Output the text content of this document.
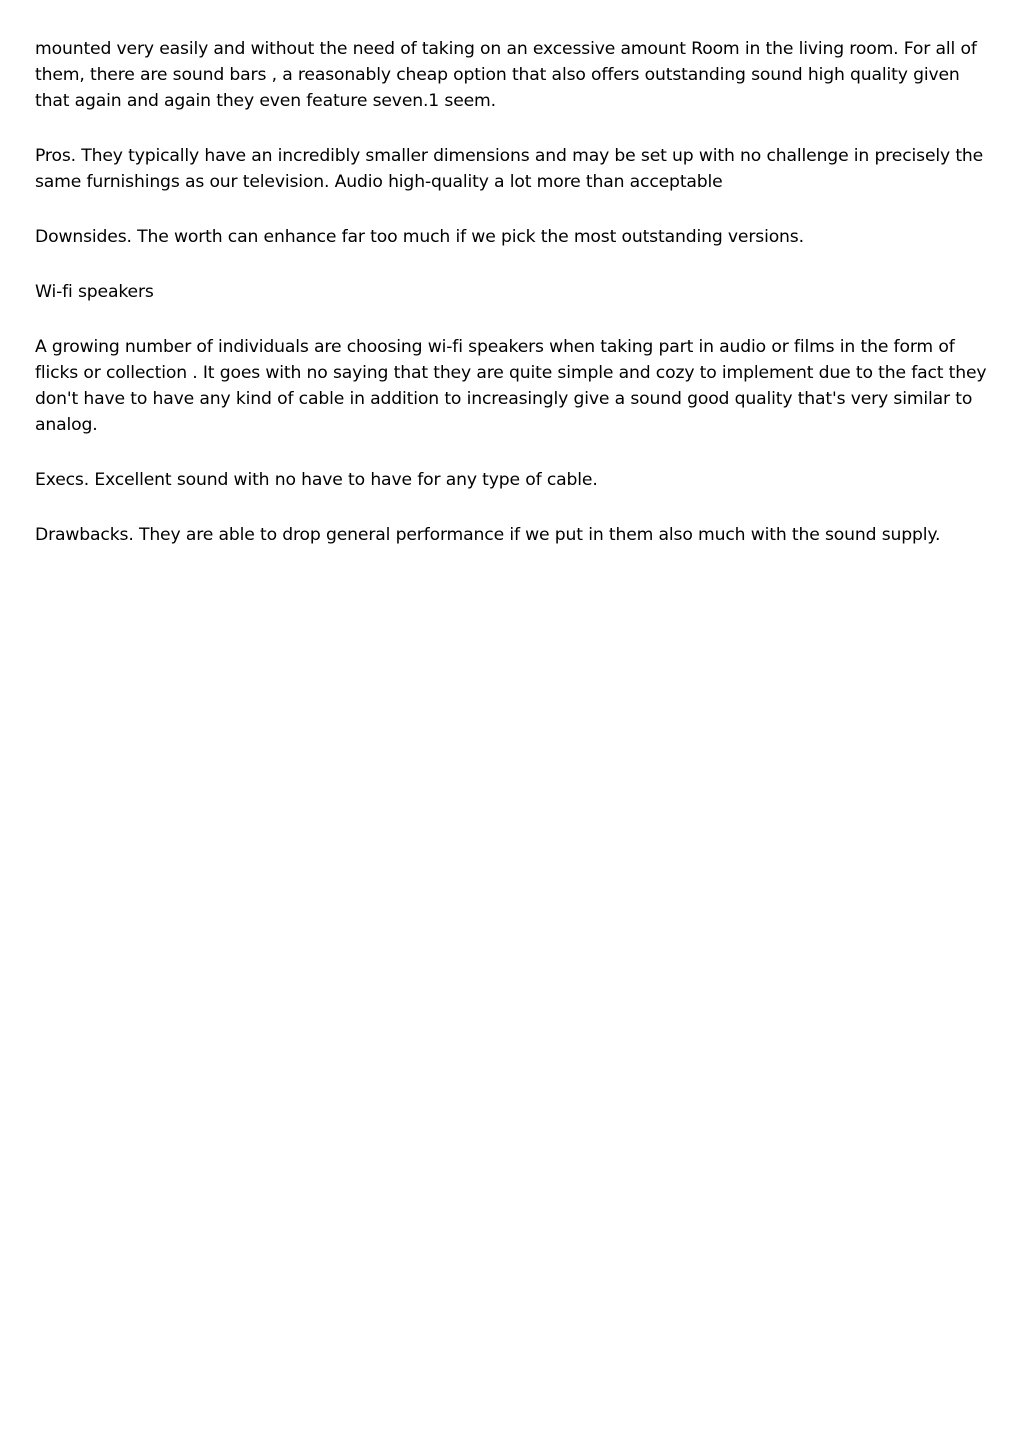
mounted very easily and without the need of taking on an excessive amount Room in the living room. For all of them, there are sound bars , a reasonably cheap option that also offers outstanding sound high quality given that again and again they even feature seven.1 seem.

Pros. They typically have an incredibly smaller dimensions and may be set up with no challenge in precisely the same furnishings as our television. Audio high-quality a lot more than acceptable

Downsides. The worth can enhance far too much if we pick the most outstanding versions.

Wi-fi speakers

A growing number of individuals are choosing wi-fi speakers when taking part in audio or films in the form of flicks or collection . It goes with no saying that they are quite simple and cozy to implement due to the fact they don't have to have any kind of cable in addition to increasingly give a sound good quality that's very similar to analog.

Execs. Excellent sound with no have to have for any type of cable.

Drawbacks. They are able to drop general performance if we put in them also much with the sound supply.
